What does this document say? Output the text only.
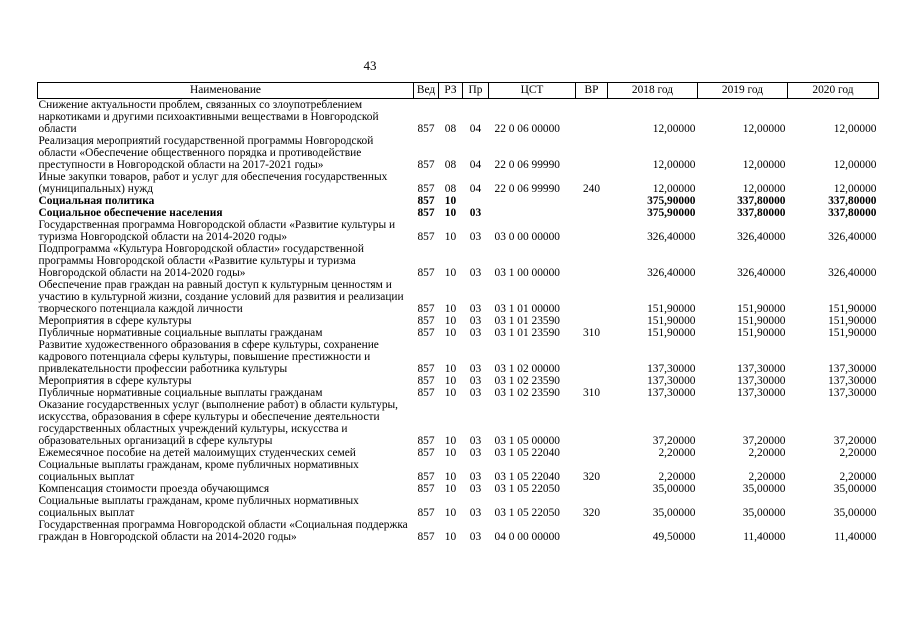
43
Наименование	Вед	РЗ	Пр	ЦСТ	ВР	2018 год	2019 год	2020 год
Снижение актуальности проблем, связанных со злоупотреблением наркотиками и другими психоактивными веществами в Новгородской области	857	08	04	22 0 06 00000		12,00000	12,00000	12,00000
Реализация мероприятий государственной программы Новгородской области «Обеспечение общественного порядка и противодействие преступности в Новгородской области на 2017-2021 годы»	857	08	04	22 0 06 99990		12,00000	12,00000	12,00000
Иные закупки товаров, работ и услуг для обеспечения государственных (муниципальных) нужд	857	08	04	22 0 06 99990	240	12,00000	12,00000	12,00000
Социальная политика	857	10				375,90000	337,80000	337,80000
Социальное обеспечение населения	857	10	03			375,90000	337,80000	337,80000
Государственная программа Новгородской области «Развитие культуры и туризма Новгородской области на 2014-2020 годы»	857	10	03	03 0 00 00000		326,40000	326,40000	326,40000
Подпрограмма «Культура Новгородской области» государственной программы Новгородской области «Развитие культуры и туризма Новгородской области на 2014-2020 годы»	857	10	03	03 1 00 00000		326,40000	326,40000	326,40000
Обеспечение прав граждан на равный доступ к культурным ценностям и участию в культурной жизни, создание условий для развития и реализации творческого потенциала каждой личности	857	10	03	03 1 01 00000		151,90000	151,90000	151,90000
Мероприятия в сфере культуры	857	10	03	03 1 01 23590		151,90000	151,90000	151,90000
Публичные нормативные социальные выплаты гражданам	857	10	03	03 1 01 23590	310	151,90000	151,90000	151,90000
Развитие художественного образования в сфере культуры, сохранение кадрового потенциала сферы культуры, повышение престижности и привлекательности профессии работника культуры	857	10	03	03 1 02 00000		137,30000	137,30000	137,30000
Мероприятия в сфере культуры	857	10	03	03 1 02 23590		137,30000	137,30000	137,30000
Публичные нормативные социальные выплаты гражданам	857	10	03	03 1 02 23590	310	137,30000	137,30000	137,30000
Оказание государственных услуг (выполнение работ) в области культуры, искусства, образования в сфере культуры и обеспечение деятельности государственных областных учреждений культуры, искусства и образовательных организаций в сфере культуры	857	10	03	03 1 05 00000		37,20000	37,20000	37,20000
Ежемесячное пособие на детей малоимущих студенческих семей	857	10	03	03 1 05 22040		2,20000	2,20000	2,20000
Социальные выплаты гражданам, кроме публичных нормативных социальных выплат	857	10	03	03 1 05 22040	320	2,20000	2,20000	2,20000
Компенсация стоимости проезда обучающимся	857	10	03	03 1 05 22050		35,00000	35,00000	35,00000
Социальные выплаты гражданам, кроме публичных нормативных социальных выплат	857	10	03	03 1 05 22050	320	35,00000	35,00000	35,00000
Государственная программа Новгородской области «Социальная поддержка граждан в Новгородской области на 2014-2020 годы»	857	10	03	04 0 00 00000		49,50000	11,40000	11,40000
